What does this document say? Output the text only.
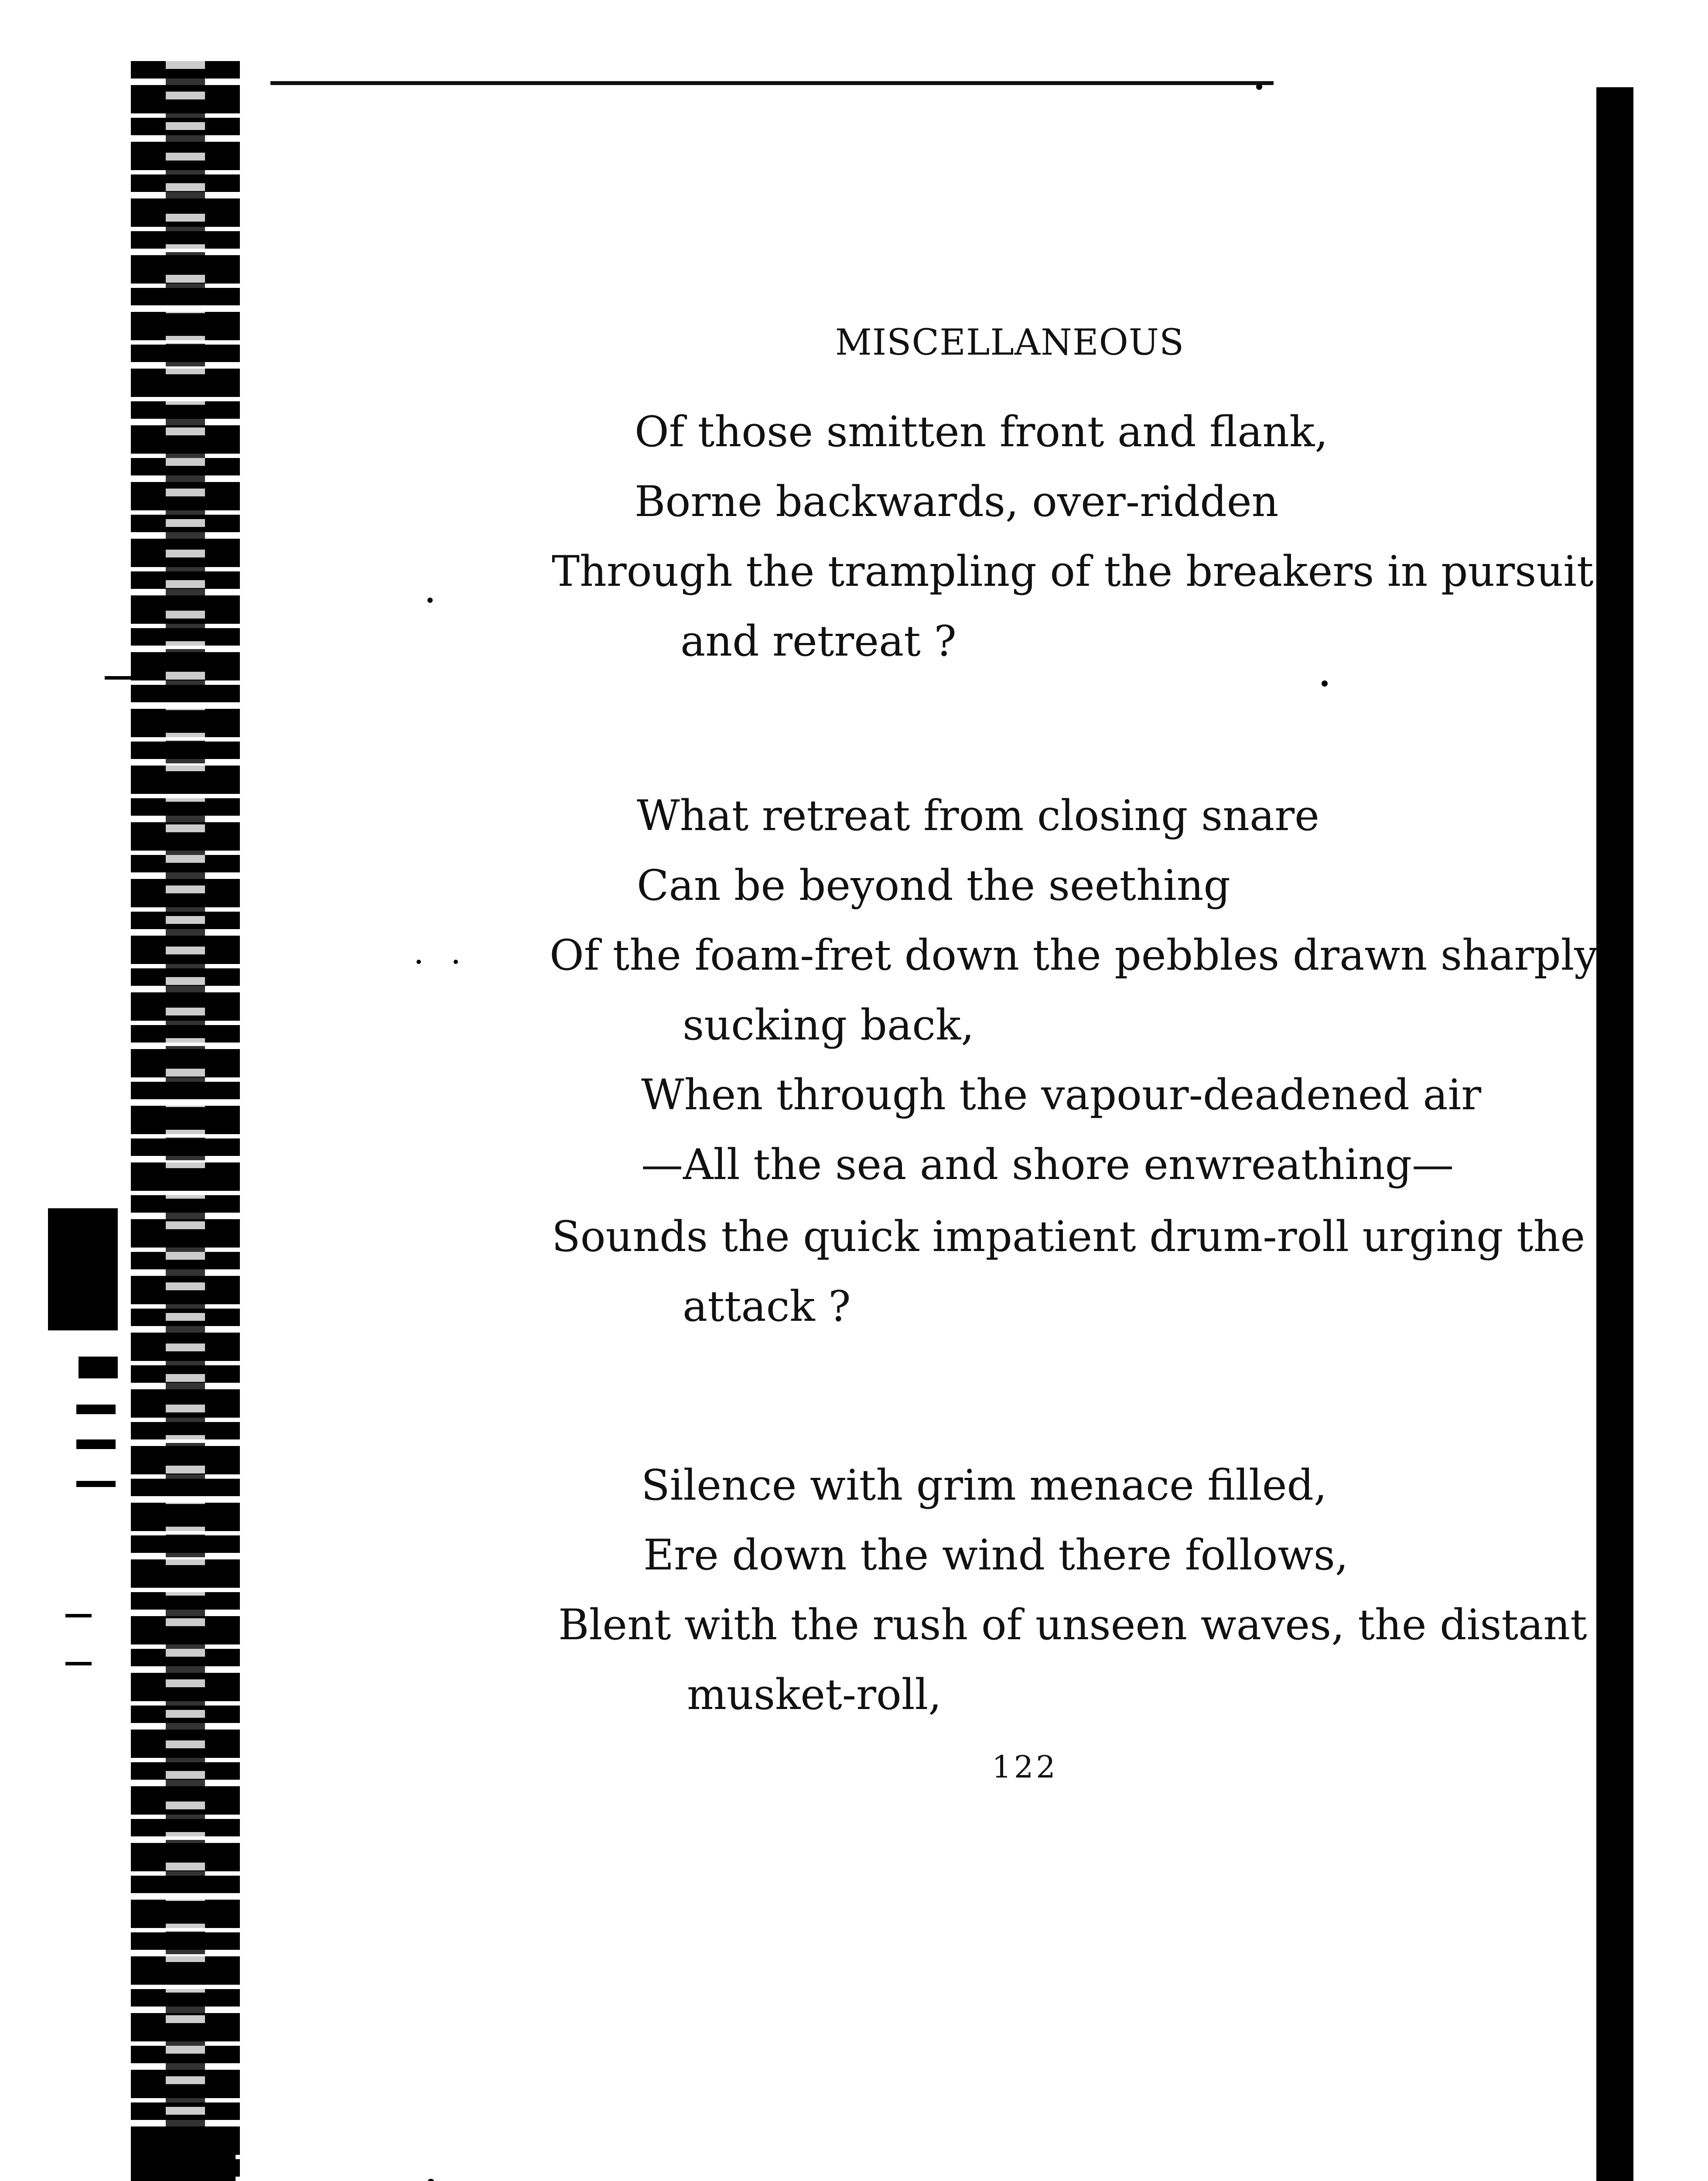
MISCELLANEOUS
Of those smitten front and flank,
Borne backwards, over-ridden
Through the trampling of the breakers in pursuit
and retreat ?
What retreat from closing snare
Can be beyond the seething
Of the foam-fret down the pebbles drawn sharply
sucking back,
When through the vapour-deadened air
—All the sea and shore enwreathing—
Sounds the quick impatient drum-roll urging the
attack ?
Silence with grim menace filled,
Ere down the wind there follows,
Blent with the rush of unseen waves, the distant
musket-roll,
122
